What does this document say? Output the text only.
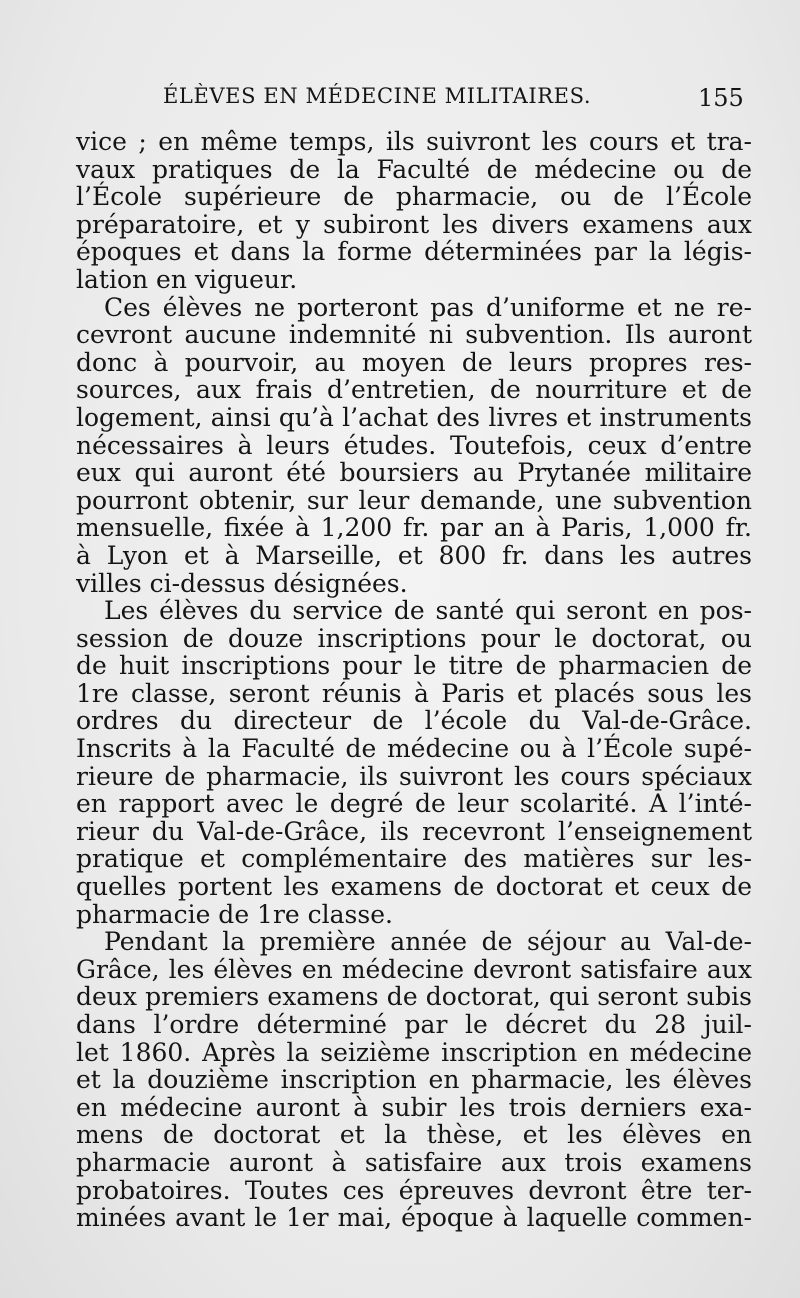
ÉLÈVES EN MÉDECINE MILITAIRES.	155
vice ; en même temps, ils suivront les cours et tra-
vaux pratiques de la Faculté de médecine ou de
l’École supérieure de pharmacie, ou de l’École
préparatoire, et y subiront les divers examens aux
époques et dans la forme déterminées par la légis-
lation en vigueur.
Ces élèves ne porteront pas d’uniforme et ne re-
cevront aucune indemnité ni subvention. Ils auront
donc à pourvoir, au moyen de leurs propres res-
sources, aux frais d’entretien, de nourriture et de
logement, ainsi qu’à l’achat des livres et instruments
nécessaires à leurs études. Toutefois, ceux d’entre
eux qui auront été boursiers au Prytanée militaire
pourront obtenir, sur leur demande, une subvention
mensuelle, fixée à 1,200 fr. par an à Paris, 1,000 fr.
à Lyon et à Marseille, et 800 fr. dans les autres
villes ci-dessus désignées.
Les élèves du service de santé qui seront en pos-
session de douze inscriptions pour le doctorat, ou
de huit inscriptions pour le titre de pharmacien de
1re classe, seront réunis à Paris et placés sous les
ordres du directeur de l’école du Val-de-Grâce.
Inscrits à la Faculté de médecine ou à l’École supé-
rieure de pharmacie, ils suivront les cours spéciaux
en rapport avec le degré de leur scolarité. A l’inté-
rieur du Val-de-Grâce, ils recevront l’enseignement
pratique et complémentaire des matières sur les-
quelles portent les examens de doctorat et ceux de
pharmacie de 1re classe.
Pendant la première année de séjour au Val-de-
Grâce, les élèves en médecine devront satisfaire aux
deux premiers examens de doctorat, qui seront subis
dans l’ordre déterminé par le décret du 28 juil-
let 1860. Après la seizième inscription en médecine
et la douzième inscription en pharmacie, les élèves
en médecine auront à subir les trois derniers exa-
mens de doctorat et la thèse, et les élèves en
pharmacie auront à satisfaire aux trois examens
probatoires. Toutes ces épreuves devront être ter-
minées avant le 1er mai, époque à laquelle commen-
